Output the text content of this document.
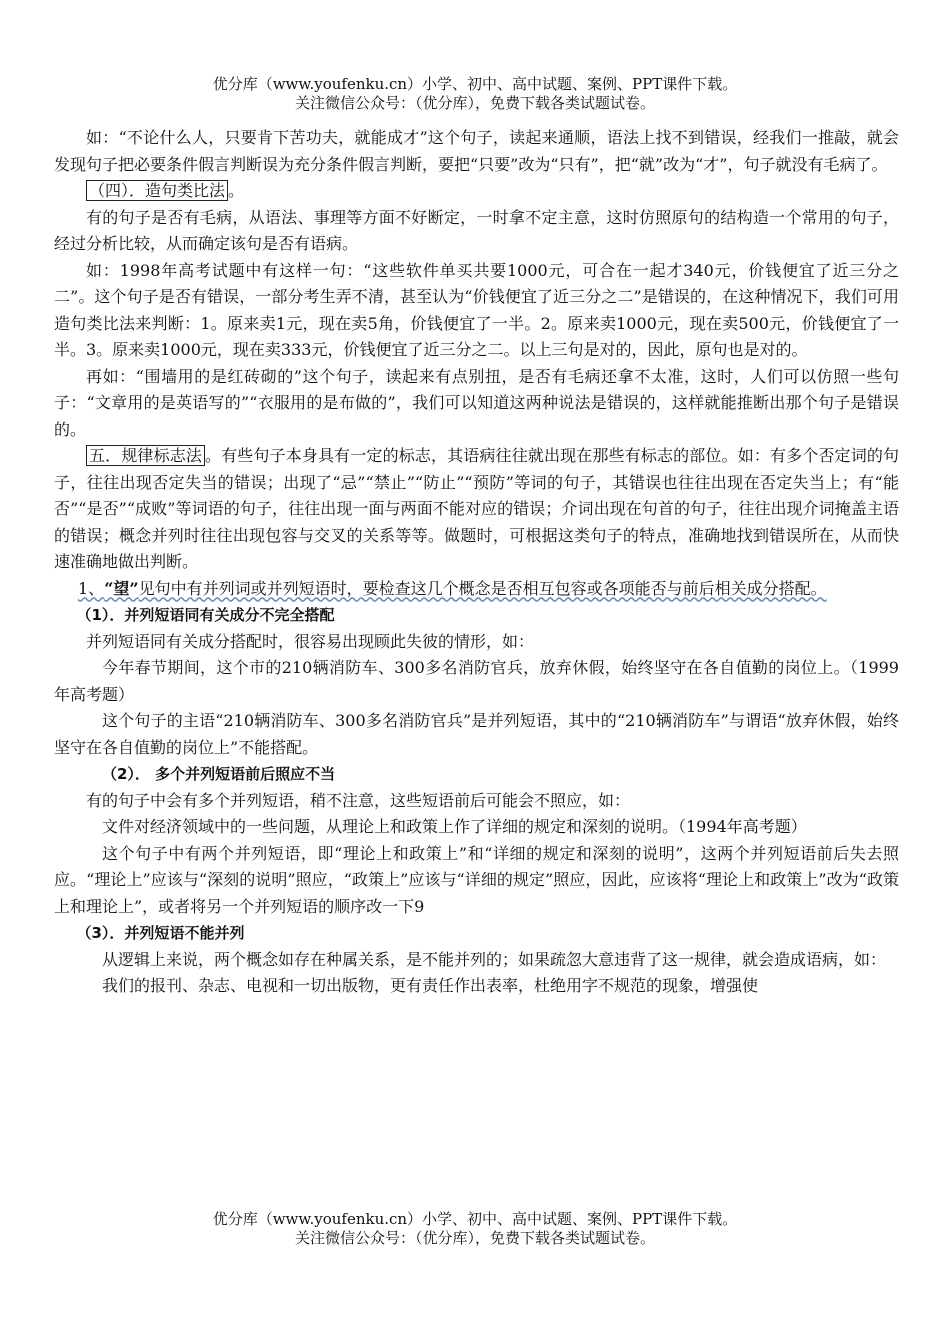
优分库（www.youfenku.cn）小学、初中、高中试题、案例、PPT课件下载。
关注微信公众号：（优分库），免费下载各类试题试卷。

如：“不论什么人，只要肯下苦功夫，就能成才”这个句子，读起来通顺，语法上找不到错误，经我们一推敲，就会发现句子把必要条件假言判断误为充分条件假言判断，要把“只要”改为“只有”，把“就”改为“才”，句子就没有毛病了。

（四）．造句类比法 。

有的句子是否有毛病，从语法、事理等方面不好断定，一时拿不定主意，这时仿照原句的结构造一个常用的句子，经过分析比较，从而确定该句是否有语病。

如：1998年高考试题中有这样一句：“这些软件单买共要1000元，可合在一起才340元，价钱便宜了近三分之二”。这个句子是否有错误，一部分考生弄不清，甚至认为“价钱便宜了近三分之二”是错误的，在这种情况下，我们可用造句类比法来判断：1。原来卖1元，现在卖5角，价钱便宜了一半。2。原来卖1000元，现在卖500元，价钱便宜了一半。3。原来卖1000元，现在卖333元，价钱便宜了近三分之二。以上三句是对的，因此，原句也是对的。

再如：“围墙用的是红砖砌的”这个句子，读起来有点别扭，是否有毛病还拿不太准，这时，人们可以仿照一些句子：“文章用的是英语写的”“衣服用的是布做的”，我们可以知道这两种说法是错误的，这样就能推断出那个句子是错误的。

五．规律标志法 。有些句子本身具有一定的标志，其语病往往就出现在那些有标志的部位。如：有多个否定词的句子，往往出现否定失当的错误；出现了“忌”“禁止”“防止”“预防”等词的句子，其错误也往往出现在否定失当上；有“能否”“是否”“成败”等词语的句子，往往出现一面与两面不能对应的错误；介词出现在句首的句子，往往出现介词掩盖主语的错误；概念并列时往往出现包容与交叉的关系等等。做题时，可根据这类句子的特点，准确地找到错误所在，从而快速准确地做出判断。

1、“望”见句中有并列词或并列短语时，要检查这几个概念是否相互包容或各项能否与前后相关成分搭配。

（1）．并列短语同有关成分不完全搭配

并列短语同有关成分搭配时，很容易出现顾此失彼的情形，如：

今年春节期间，这个市的210辆消防车、300多名消防官兵，放弃休假，始终坚守在各自值勤的岗位上。（1999年高考题）

这个句子的主语“210辆消防车、300多名消防官兵”是并列短语，其中的“210辆消防车”与谓语“放弃休假，始终坚守在各自值勤的岗位上”不能搭配。

（2）． 多个并列短语前后照应不当

有的句子中会有多个并列短语，稍不注意，这些短语前后可能会不照应，如：

文件对经济领域中的一些问题，从理论上和政策上作了详细的规定和深刻的说明。（1994年高考题）

这个句子中有两个并列短语，即“理论上和政策上”和“详细的规定和深刻的说明”，这两个并列短语前后失去照应。“理论上”应该与“深刻的说明”照应，“政策上”应该与“详细的规定”照应，因此，应该将“理论上和政策上”改为“政策上和理论上”，或者将另一个并列短语的顺序改一下9

（3）．并列短语不能并列

从逻辑上来说，两个概念如存在种属关系，是不能并列的；如果疏忽大意违背了这一规律，就会造成语病，如：

我们的报刊、杂志、电视和一切出版物，更有责任作出表率，杜绝用字不规范的现象，增强使

优分库（www.youfenku.cn）小学、初中、高中试题、案例、PPT课件下载。
关注微信公众号：（优分库），免费下载各类试题试卷。
